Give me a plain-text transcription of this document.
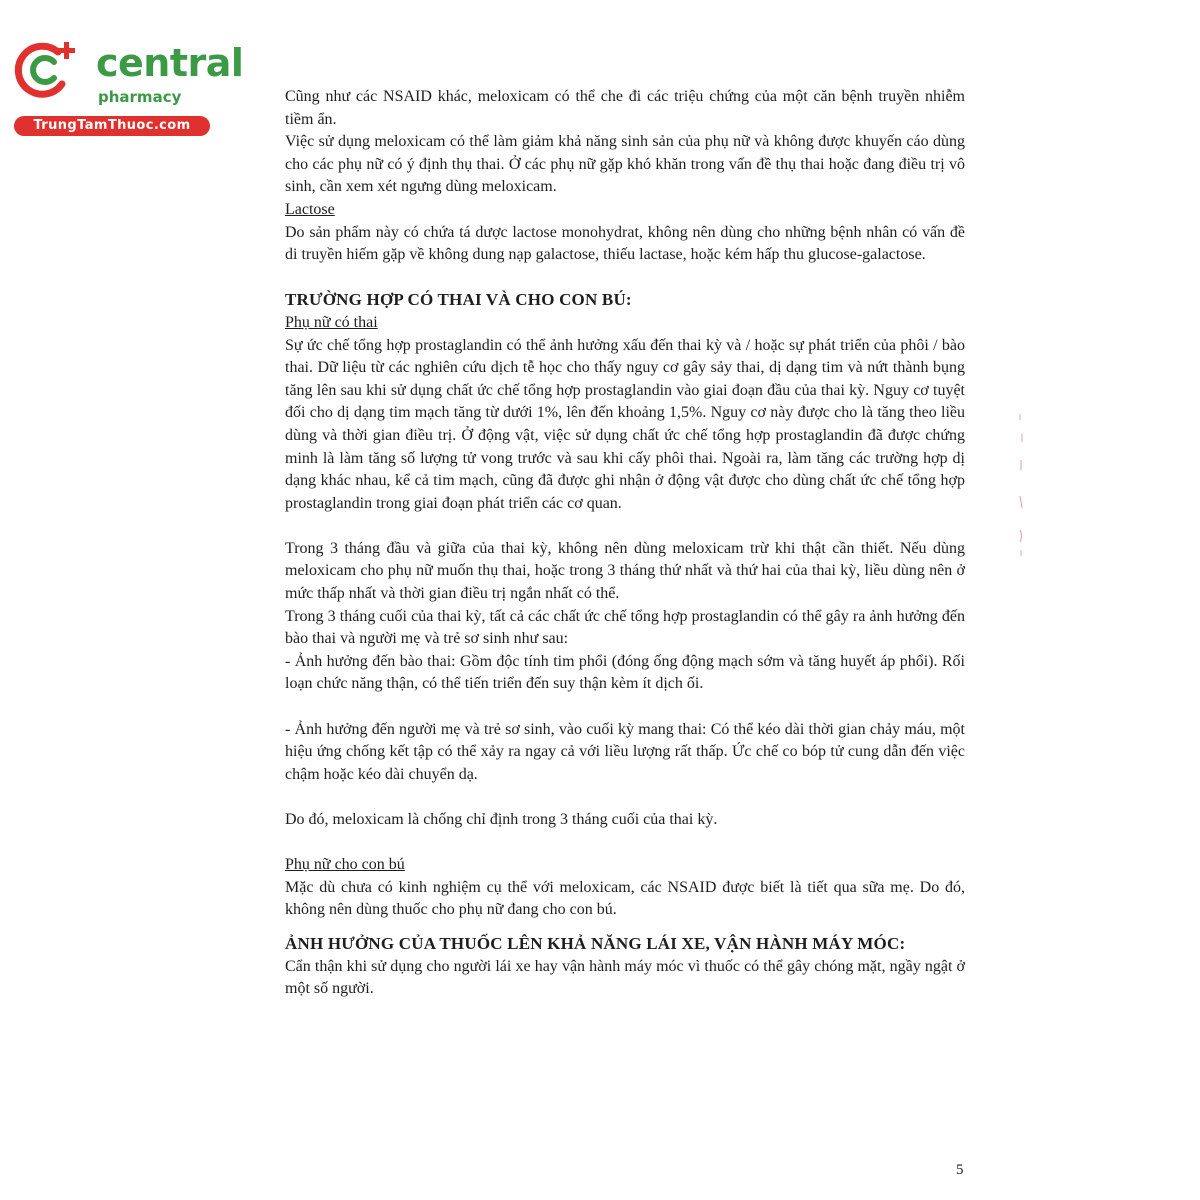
central
pharmacy
TrungTamThuoc.com

Cũng như các NSAID khác, meloxicam có thể che đi các triệu chứng của một căn bệnh truyền nhiễm tiềm ẩn.

Việc sử dụng meloxicam có thể làm giảm khả năng sinh sản của phụ nữ và không được khuyến cáo dùng cho các phụ nữ có ý định thụ thai. Ở các phụ nữ gặp khó khăn trong vấn đề thụ thai hoặc đang điều trị vô sinh, cần xem xét ngưng dùng meloxicam.

Lactose

Do sản phẩm này có chứa tá dược lactose monohydrat, không nên dùng cho những bệnh nhân có vấn đề di truyền hiếm gặp về không dung nạp galactose, thiếu lactase, hoặc kém hấp thu glucose-galactose.

TRƯỜNG HỢP CÓ THAI VÀ CHO CON BÚ:

Phụ nữ có thai

Sự ức chế tổng hợp prostaglandin có thể ảnh hưởng xấu đến thai kỳ và / hoặc sự phát triển của phôi / bào thai. Dữ liệu từ các nghiên cứu dịch tễ học cho thấy nguy cơ gây sảy thai, dị dạng tim và nứt thành bụng tăng lên sau khi sử dụng chất ức chế tổng hợp prostaglandin vào giai đoạn đầu của thai kỳ. Nguy cơ tuyệt đối cho dị dạng tim mạch tăng từ dưới 1%, lên đến khoảng 1,5%. Nguy cơ này được cho là tăng theo liều dùng và thời gian điều trị. Ở động vật, việc sử dụng chất ức chế tổng hợp prostaglandin đã được chứng minh là làm tăng số lượng tử vong trước và sau khi cấy phôi thai. Ngoài ra, làm tăng các trường hợp dị dạng khác nhau, kể cả tim mạch, cũng đã được ghi nhận ở động vật được cho dùng chất ức chế tổng hợp prostaglandin trong giai đoạn phát triển các cơ quan.

Trong 3 tháng đầu và giữa của thai kỳ, không nên dùng meloxicam trừ khi thật cần thiết. Nếu dùng meloxicam cho phụ nữ muốn thụ thai, hoặc trong 3 tháng thứ nhất và thứ hai của thai kỳ, liều dùng nên ở mức thấp nhất và thời gian điều trị ngắn nhất có thể.

Trong 3 tháng cuối của thai kỳ, tất cả các chất ức chế tổng hợp prostaglandin có thể gây ra ảnh hưởng đến bào thai và người mẹ và trẻ sơ sinh như sau:

- Ảnh hưởng đến bào thai: Gồm độc tính tim phổi (đóng ống động mạch sớm và tăng huyết áp phổi). Rối loạn chức năng thận, có thể tiến triển đến suy thận kèm ít dịch ối.

- Ảnh hưởng đến người mẹ và trẻ sơ sinh, vào cuối kỳ mang thai: Có thể kéo dài thời gian chảy máu, một hiệu ứng chống kết tập có thể xảy ra ngay cả với liều lượng rất thấp. Ức chế co bóp tử cung dẫn đến việc chậm hoặc kéo dài chuyển dạ.

Do đó, meloxicam là chống chỉ định trong 3 tháng cuối của thai kỳ.

Phụ nữ cho con bú

Mặc dù chưa có kinh nghiệm cụ thể với meloxicam, các NSAID được biết là tiết qua sữa mẹ. Do đó, không nên dùng thuốc cho phụ nữ đang cho con bú.

ẢNH HƯỞNG CỦA THUỐC LÊN KHẢ NĂNG LÁI XE, VẬN HÀNH MÁY MÓC:

Cẩn thận khi sử dụng cho người lái xe hay vận hành máy móc vì thuốc có thể gây chóng mặt, ngầy ngật ở một số người.

5
